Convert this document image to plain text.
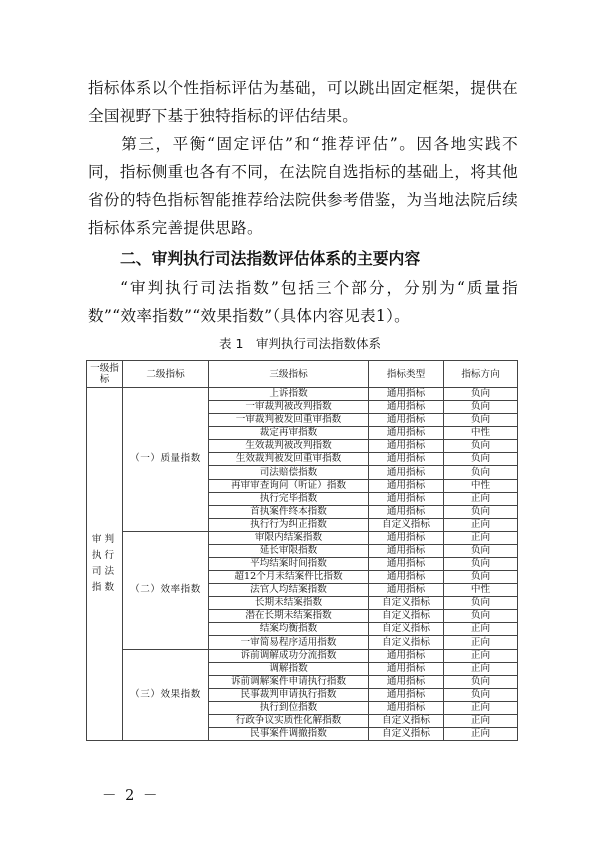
指标体系以个性指标评估为基础，可以跳出固定框架，提供在全国视野下基于独特指标的评估结果。

第三，平衡“固定评估”和“推荐评估”。因各地实践不同，指标侧重也各有不同，在法院自选指标的基础上，将其他省份的特色指标智能推荐给法院供参考借鉴，为当地法院后续指标体系完善提供思路。

二、审判执行司法指数评估体系的主要内容

“审判执行司法指数”包括三个部分，分别为“质量指数”“效率指数”“效果指数”（具体内容见表1）。

表 1　审判执行司法指数体系
一级指标	二级指标	三级指标	指标类型	指标方向
审判执行司法指数	（一）质量指数	上诉指数	通用指标	负向
		一审裁判被改判指数	通用指标	负向
		一审裁判被发回重审指数	通用指标	负向
		裁定再审指数	通用指标	中性
		生效裁判被改判指数	通用指标	负向
		生效裁判被发回重审指数	通用指标	负向
		司法赔偿指数	通用指标	负向
		再审审查询问（听证）指数	通用指标	中性
		执行完毕指数	通用指标	正向
		首执案件终本指数	通用指标	负向
		执行行为纠正指数	自定义指标	正向
	（二）效率指数	审限内结案指数	通用指标	正向
		延长审限指数	通用指标	负向
		平均结案时间指数	通用指标	负向
		超12个月未结案件比指数	通用指标	负向
		法官人均结案指数	通用指标	中性
		长期未结案指数	自定义指标	负向
		潜在长期未结案指数	自定义指标	负向
		结案均衡指数	自定义指标	正向
		一审简易程序适用指数	自定义指标	正向
	（三）效果指数	诉前调解成功分流指数	通用指标	正向
		调解指数	通用指标	正向
		诉前调解案件申请执行指数	通用指标	负向
		民事裁判申请执行指数	通用指标	负向
		执行到位指数	通用指标	正向
		行政争议实质性化解指数	自定义指标	正向
		民事案件调撤指数	自定义指标	正向
－ 2 －
